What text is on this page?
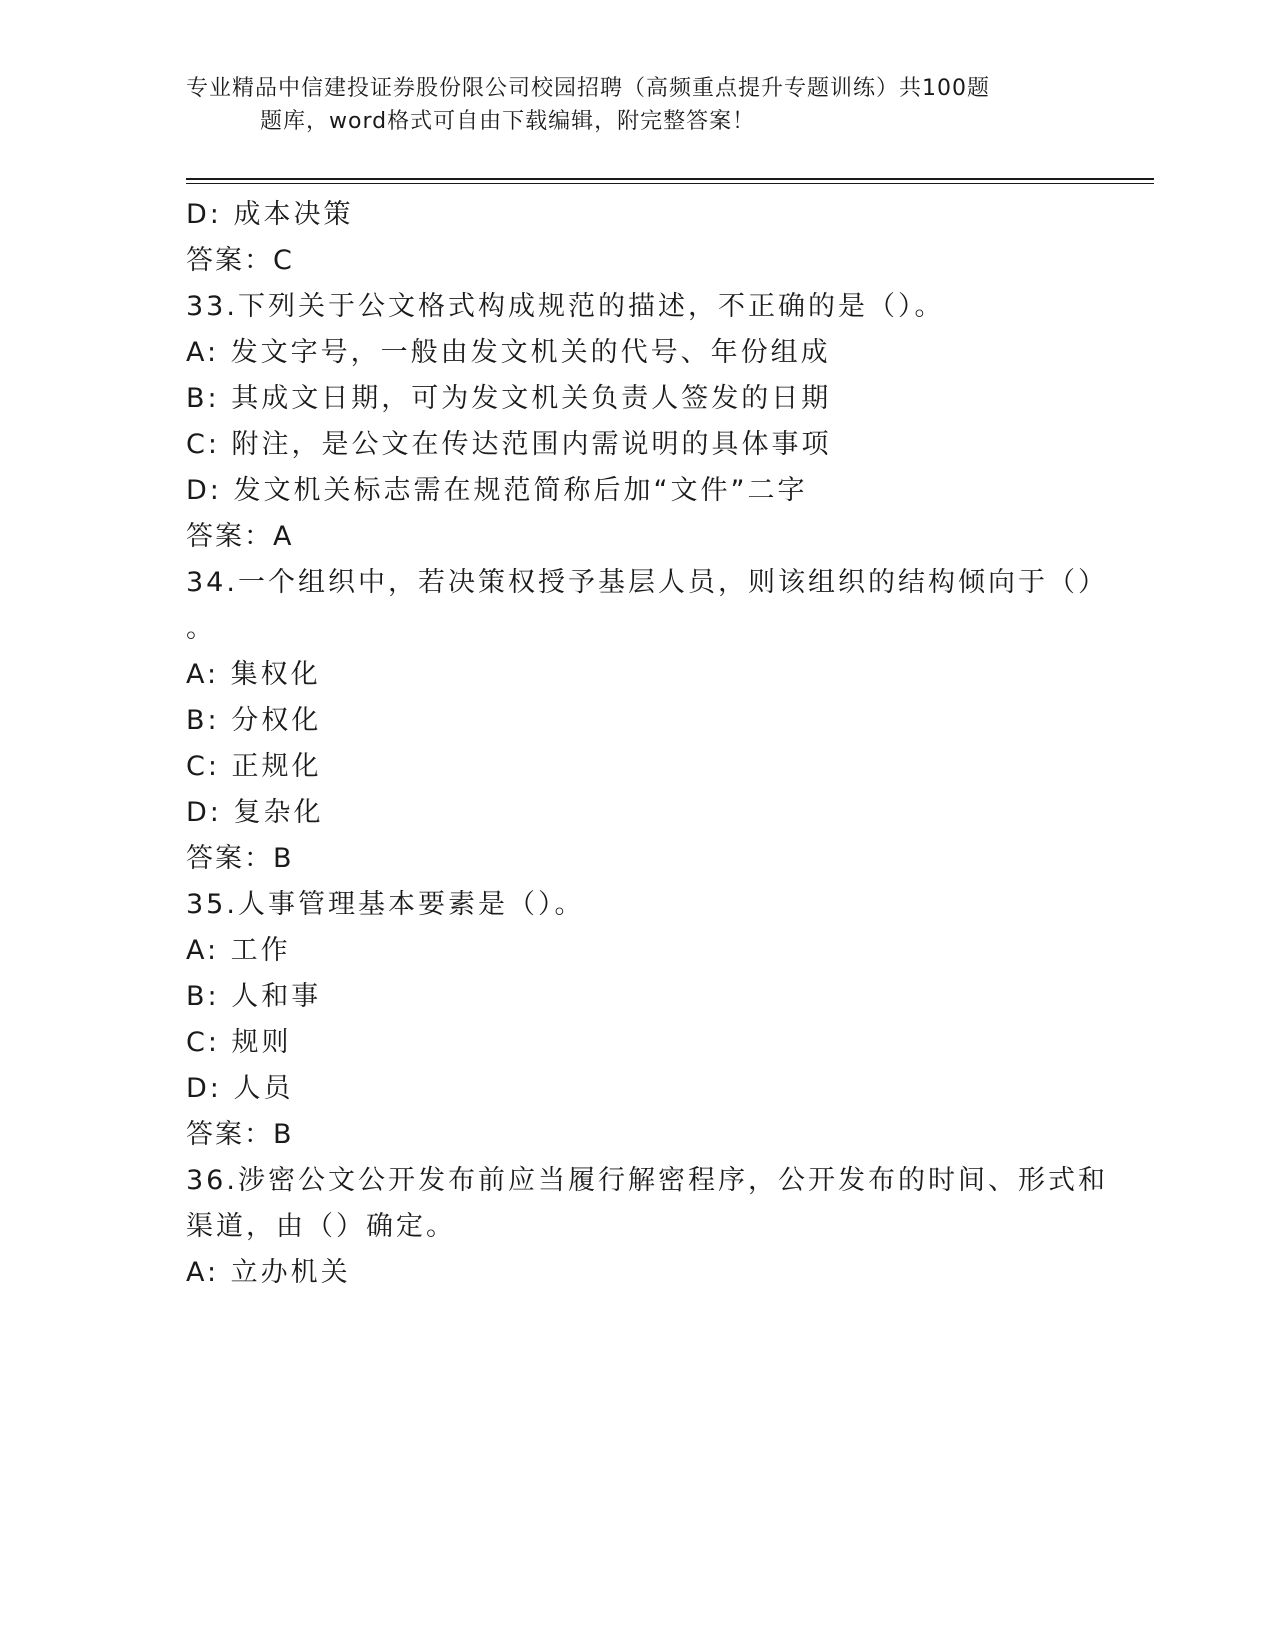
专业精品中信建投证券股份限公司校园招聘（高频重点提升专题训练）共100题
题库，word格式可自由下载编辑，附完整答案！
D: 成本决策
答案：C
33.下列关于公文格式构成规范的描述，不正确的是（）。
A: 发文字号，一般由发文机关的代号、年份组成
B: 其成文日期，可为发文机关负责人签发的日期
C: 附注，是公文在传达范围内需说明的具体事项
D: 发文机关标志需在规范简称后加“文件”二字
答案：A
34.一个组织中，若决策权授予基层人员，则该组织的结构倾向于（）
。
A: 集权化
B: 分权化
C: 正规化
D: 复杂化
答案：B
35.人事管理基本要素是（）。
A: 工作
B: 人和事
C: 规则
D: 人员
答案：B
36.涉密公文公开发布前应当履行解密程序，公开发布的时间、形式和
渠道，由（）确定。
A: 立办机关
